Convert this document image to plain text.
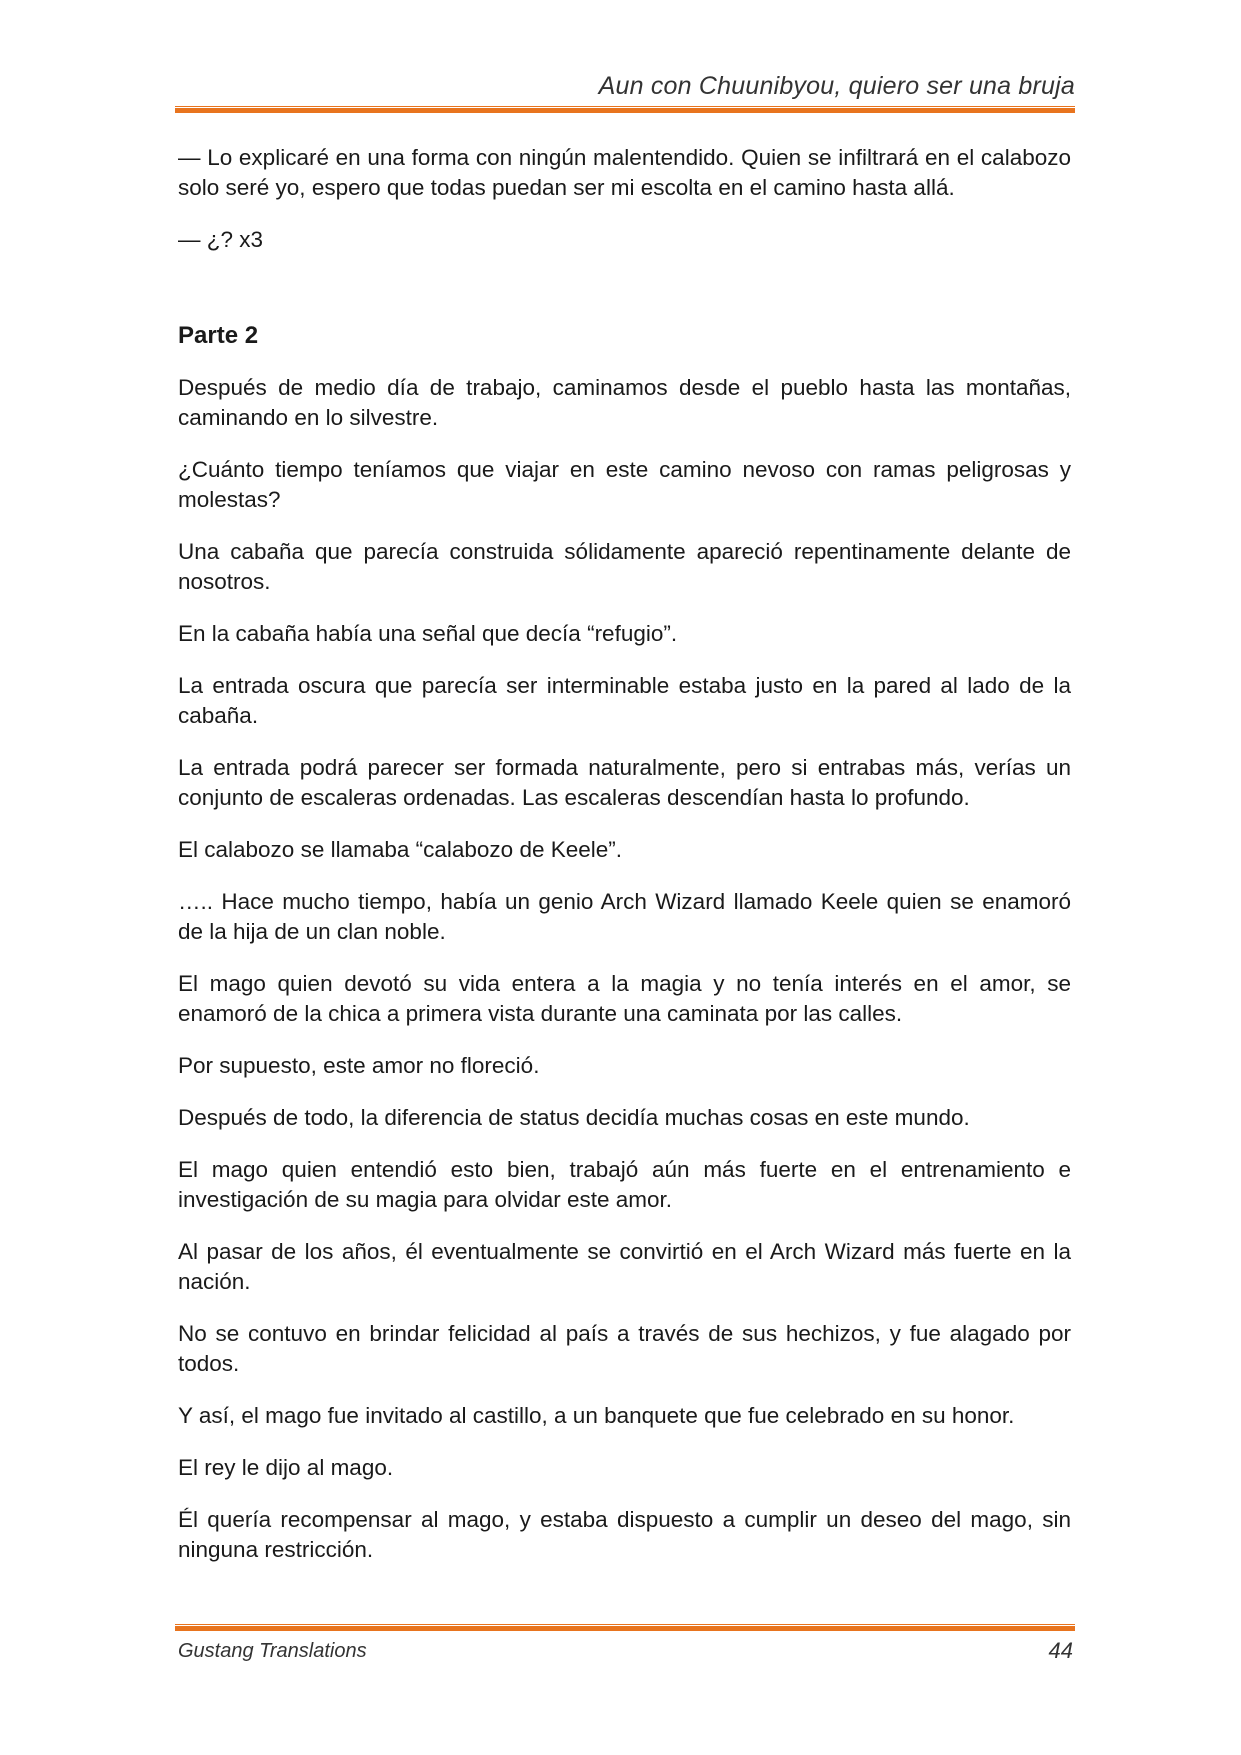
Aun con Chuunibyou, quiero ser una bruja

— Lo explicaré en una forma con ningún malentendido. Quien se infiltrará en el calabozo solo seré yo, espero que todas puedan ser mi escolta en el camino hasta allá.

— ¿? x3

Parte 2

Después de medio día de trabajo, caminamos desde el pueblo hasta las montañas, caminando en lo silvestre.

¿Cuánto tiempo teníamos que viajar en este camino nevoso con ramas peligrosas y molestas?

Una cabaña que parecía construida sólidamente apareció repentinamente delante de nosotros.

En la cabaña había una señal que decía “refugio”.

La entrada oscura que parecía ser interminable estaba justo en la pared al lado de la cabaña.

La entrada podrá parecer ser formada naturalmente, pero si entrabas más, verías un conjunto de escaleras ordenadas. Las escaleras descendían hasta lo profundo.

El calabozo se llamaba “calabozo de Keele”.

….. Hace mucho tiempo, había un genio Arch Wizard llamado Keele quien se enamoró de la hija de un clan noble.

El mago quien devotó su vida entera a la magia y no tenía interés en el amor, se enamoró de la chica a primera vista durante una caminata por las calles.

Por supuesto, este amor no floreció.

Después de todo, la diferencia de status decidía muchas cosas en este mundo.

El mago quien entendió esto bien, trabajó aún más fuerte en el entrenamiento e investigación de su magia para olvidar este amor.

Al pasar de los años, él eventualmente se convirtió en el Arch Wizard más fuerte en la nación.

No se contuvo en brindar felicidad al país a través de sus hechizos, y fue alagado por todos.

Y así, el mago fue invitado al castillo, a un banquete que fue celebrado en su honor.

El rey le dijo al mago.

Él quería recompensar al mago, y estaba dispuesto a cumplir un deseo del mago, sin ninguna restricción.

Gustang Translations	44
